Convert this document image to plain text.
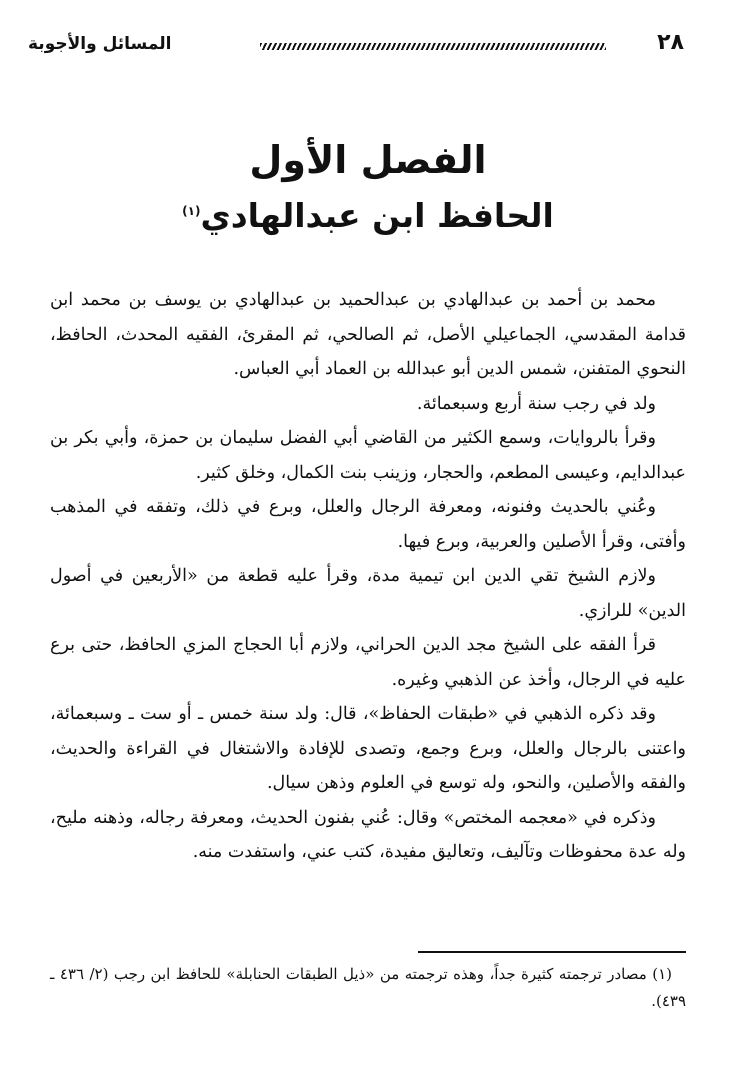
المسائل والأجوبة	٢٨
الفصل الأول
الحافظ ابن عبدالهادي$^{(١)}$

محمد بن أحمد بن عبدالهادي بن عبدالحميد بن عبدالهادي بن يوسف بن محمد ابن قدامة المقدسي، الجماعيلي الأصل، ثم الصالحي، ثم المقرئ، الفقيه المحدث، الحافظ، النحوي المتفنن، شمس الدين أبو عبدالله بن العماد أبي العباس.

ولد في رجب سنة أربع وسبعمائة.

وقرأ بالروايات، وسمع الكثير من القاضي أبي الفضل سليمان بن حمزة، وأبي بكر بن عبدالدايم، وعيسى المطعم، والحجار، وزينب بنت الكمال، وخلق كثير.

وعُني بالحديث وفنونه، ومعرفة الرجال والعلل، وبرع في ذلك، وتفقه في المذهب وأفتى، وقرأ الأصلين والعربية، وبرع فيها.

ولازم الشيخ تقي الدين ابن تيمية مدة، وقرأ عليه قطعة من «الأربعين في أصول الدين» للرازي.

قرأ الفقه على الشيخ مجد الدين الحراني، ولازم أبا الحجاج المزي الحافظ، حتى برع عليه في الرجال، وأخذ عن الذهبي وغيره.

وقد ذكره الذهبي في «طبقات الحفاظ»، قال: ولد سنة خمس ـ أو ست ـ وسبعمائة، واعتنى بالرجال والعلل، وبرع وجمع، وتصدى للإفادة والاشتغال في القراءة والحديث، والفقه والأصلين، والنحو، وله توسع في العلوم وذهن سيال.

وذكره في «معجمه المختص» وقال: عُني بفنون الحديث، ومعرفة رجاله، وذهنه مليح، وله عدة محفوظات وتآليف، وتعاليق مفيدة، كتب عني، واستفدت منه.

(١) مصادر ترجمته كثيرة جداً، وهذه ترجمته من «ذيل الطبقات الحنابلة» للحافظ ابن رجب (٢/ ٤٣٦ ـ ٤٣٩).
